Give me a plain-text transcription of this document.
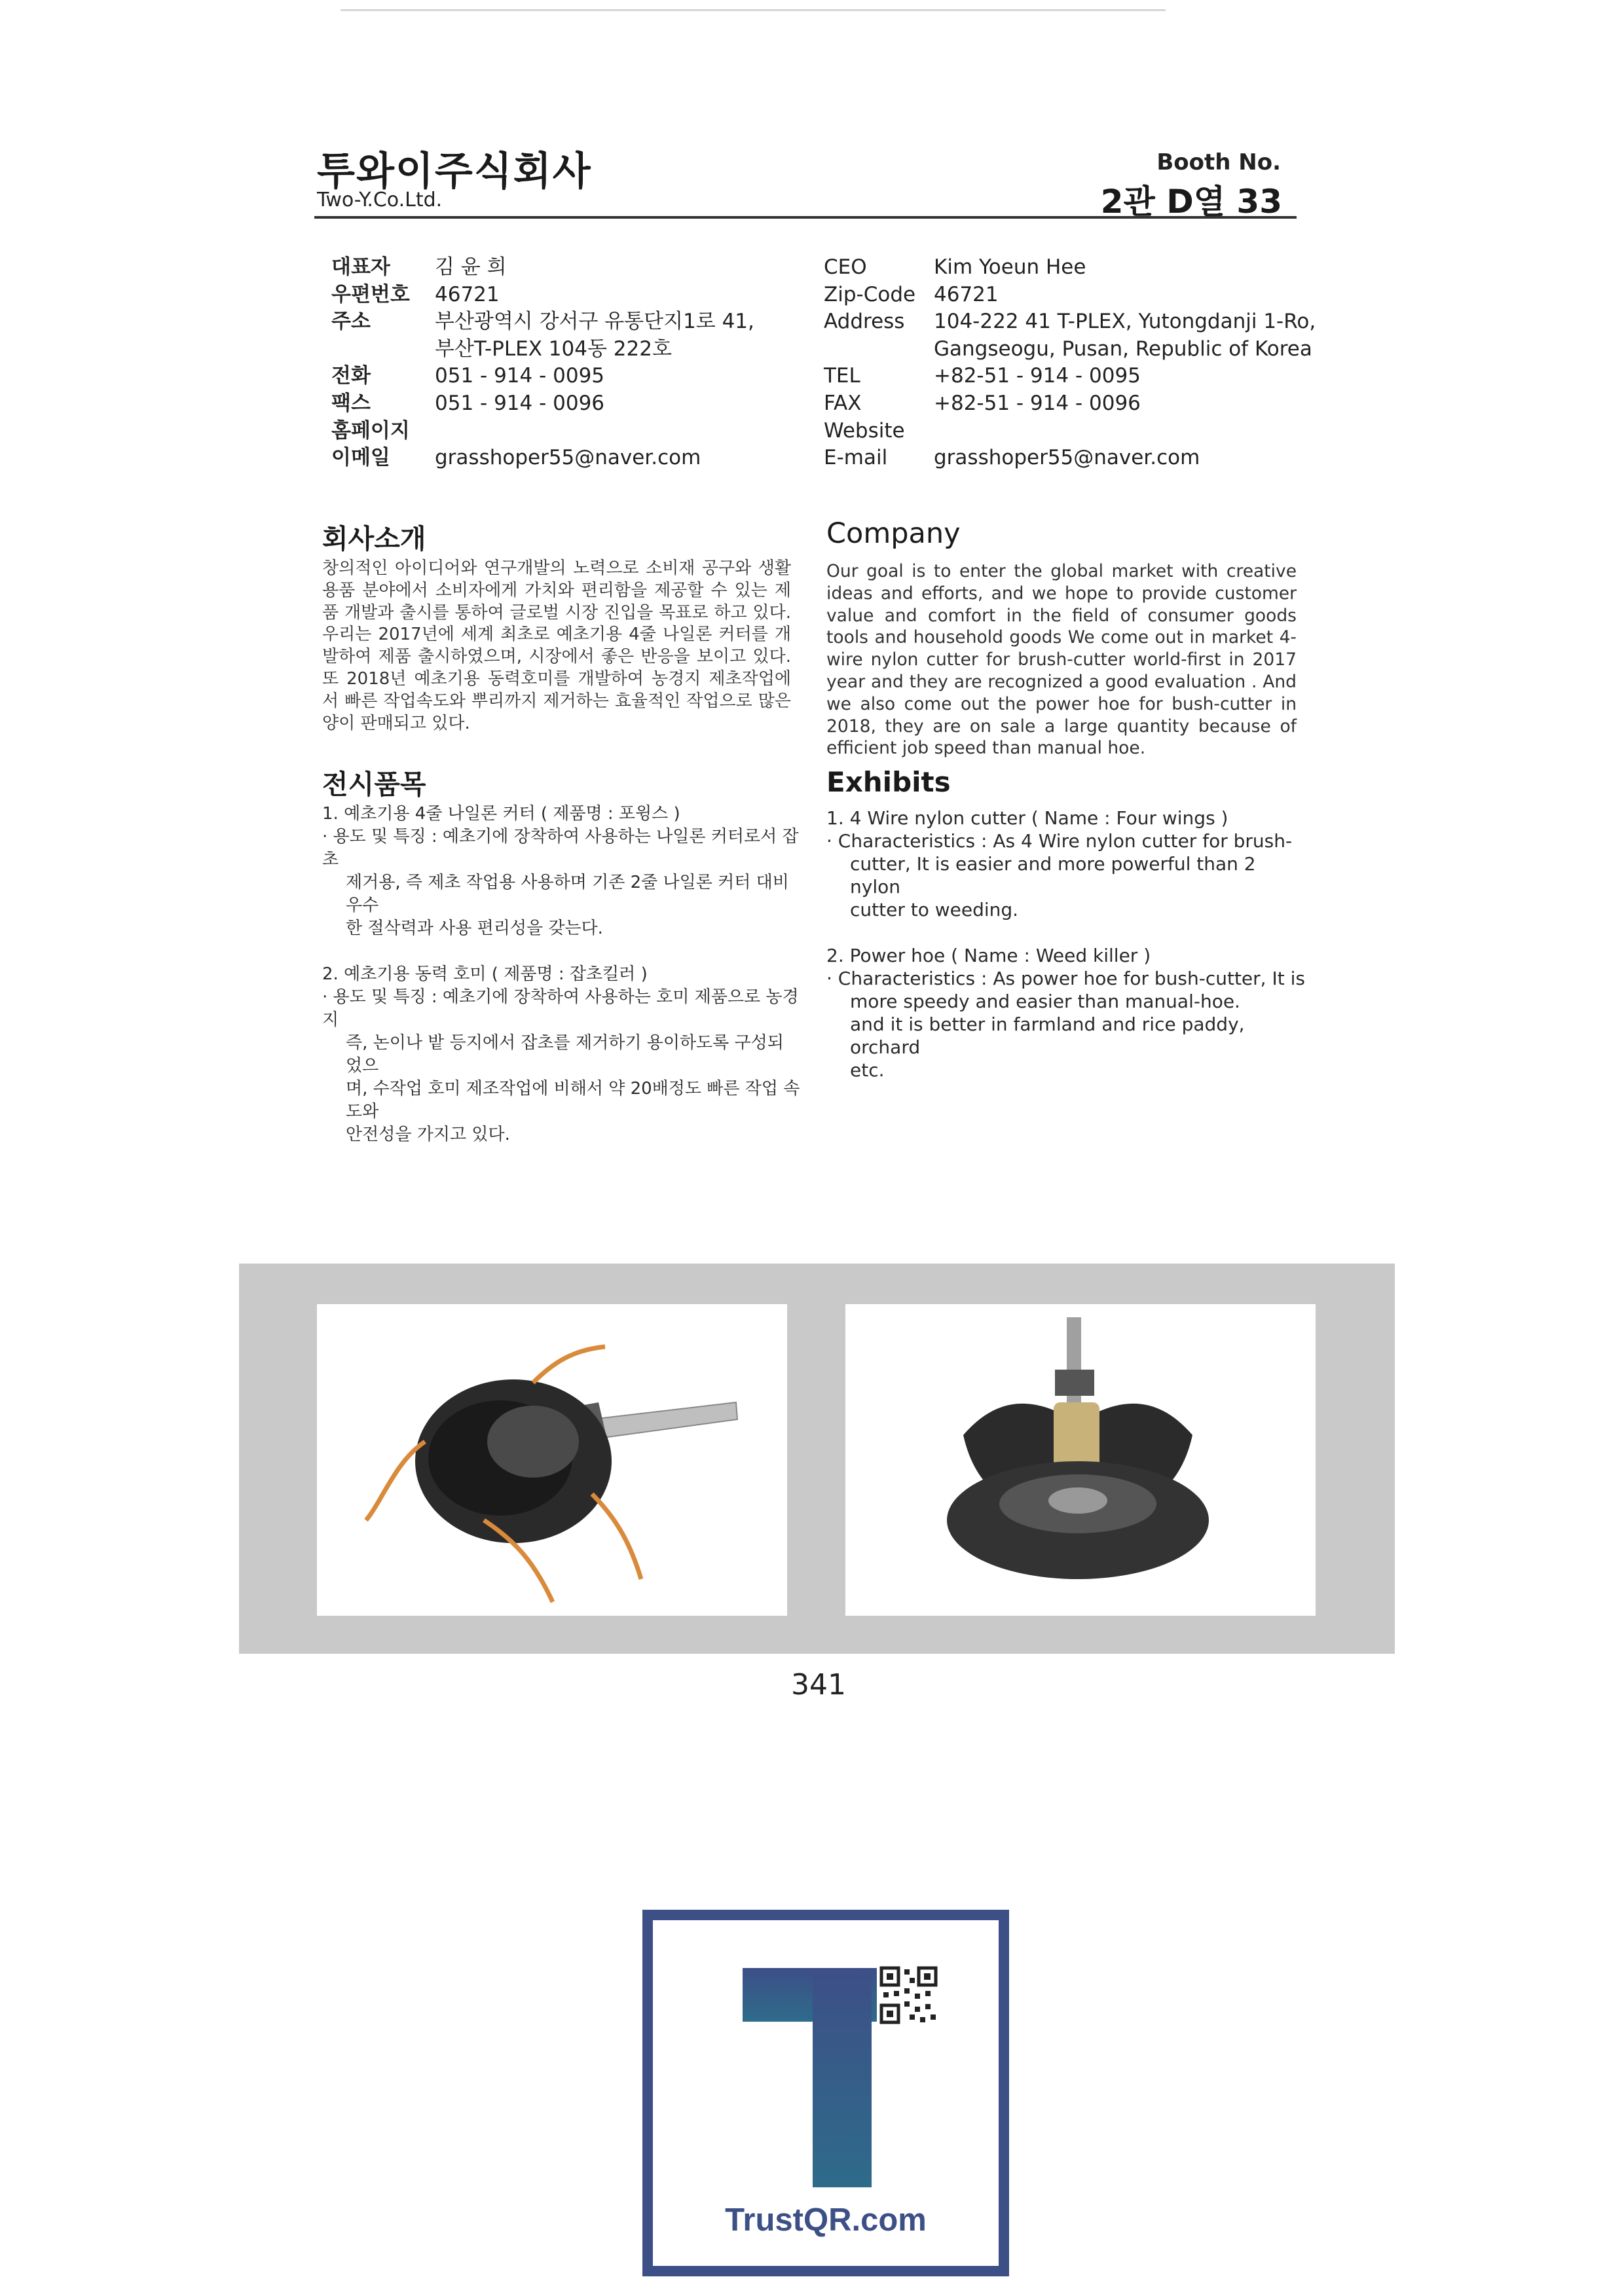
투와이주식회사
Two-Y.Co.Ltd.
Booth No.
2관 D열 33
대표자 김 윤 희
우편번호 46721
주소	부산광역시 강서구 유통단지1로 41,
부산T-PLEX 104동 222호
전화	051 - 914 - 0095
팩스	051 - 914 - 0096
홈페이지
이메일 grasshoper55@naver.com
CEO	Kim Yoeun Hee
Zip-Code 46721
Address 104-222 41 T-PLEX, Yutongdanji 1-Ro,
Gangseogu, Pusan, Republic of Korea
TEL	+82-51 - 914 - 0095
FAX	+82-51 - 914 - 0096
Website
E-mail grasshoper55@naver.com
회사소개
창의적인 아이디어와 연구개발의 노력으로 소비재 공구와 생활용품 분야에서 소비자에게 가치와 편리함을 제공할 수 있는 제품 개발과 출시를 통하여 글로벌 시장 진입을 목표로 하고 있다. 우리는 2017년에 세계 최초로 예초기용 4줄 나일론 커터를 개발하여 제품 출시하였으며, 시장에서 좋은 반응을 보이고 있다. 또 2018년 예초기용 동력호미를 개발하여 농경지 제초작업에서 빠른 작업속도와 뿌리까지 제거하는 효율적인 작업으로 많은 양이 판매되고 있다.
Company
Our goal is to enter the global market with creative ideas and efforts, and we hope to provide customer value and comfort in the field of consumer goods tools and household goods We come out in market 4-wire nylon cutter for brush-cutter world-first in 2017 year and they are recognized a good evaluation . And we also come out the power hoe for bush-cutter in 2018, they are on sale a large quantity because of efficient job speed than manual hoe.
전시품목

1. 예초기용 4줄 나일론 커터 ( 제품명 : 포윙스 )

· 용도 및 특징 : 예초기에 장착하여 사용하는 나일론 커터로서 잡초

제거용, 즉 제초 작업용 사용하며 기존 2줄 나일론 커터 대비 우수

한 절삭력과 사용 편리성을 갖는다.

2. 예초기용 동력 호미 ( 제품명 : 잡초킬러 )

· 용도 및 특징 : 예초기에 장착하여 사용하는 호미 제품으로 농경지

즉, 논이나 밭 등지에서 잡초를 제거하기 용이하도록 구성되었으

며, 수작업 호미 제조작업에 비해서 약 20배정도 빠른 작업 속도와

안전성을 가지고 있다.

Exhibits

1. 4 Wire nylon cutter ( Name : Four wings )

· Characteristics : As 4 Wire nylon cutter for brush-

cutter, It is easier and more powerful than 2 nylon

cutter to weeding.

2. Power hoe ( Name : Weed killer )

· Characteristics : As power hoe for bush-cutter, It is

more speedy and easier than manual-hoe.

and it is better in farmland and rice paddy, orchard

etc.

341
TrustQR.com
